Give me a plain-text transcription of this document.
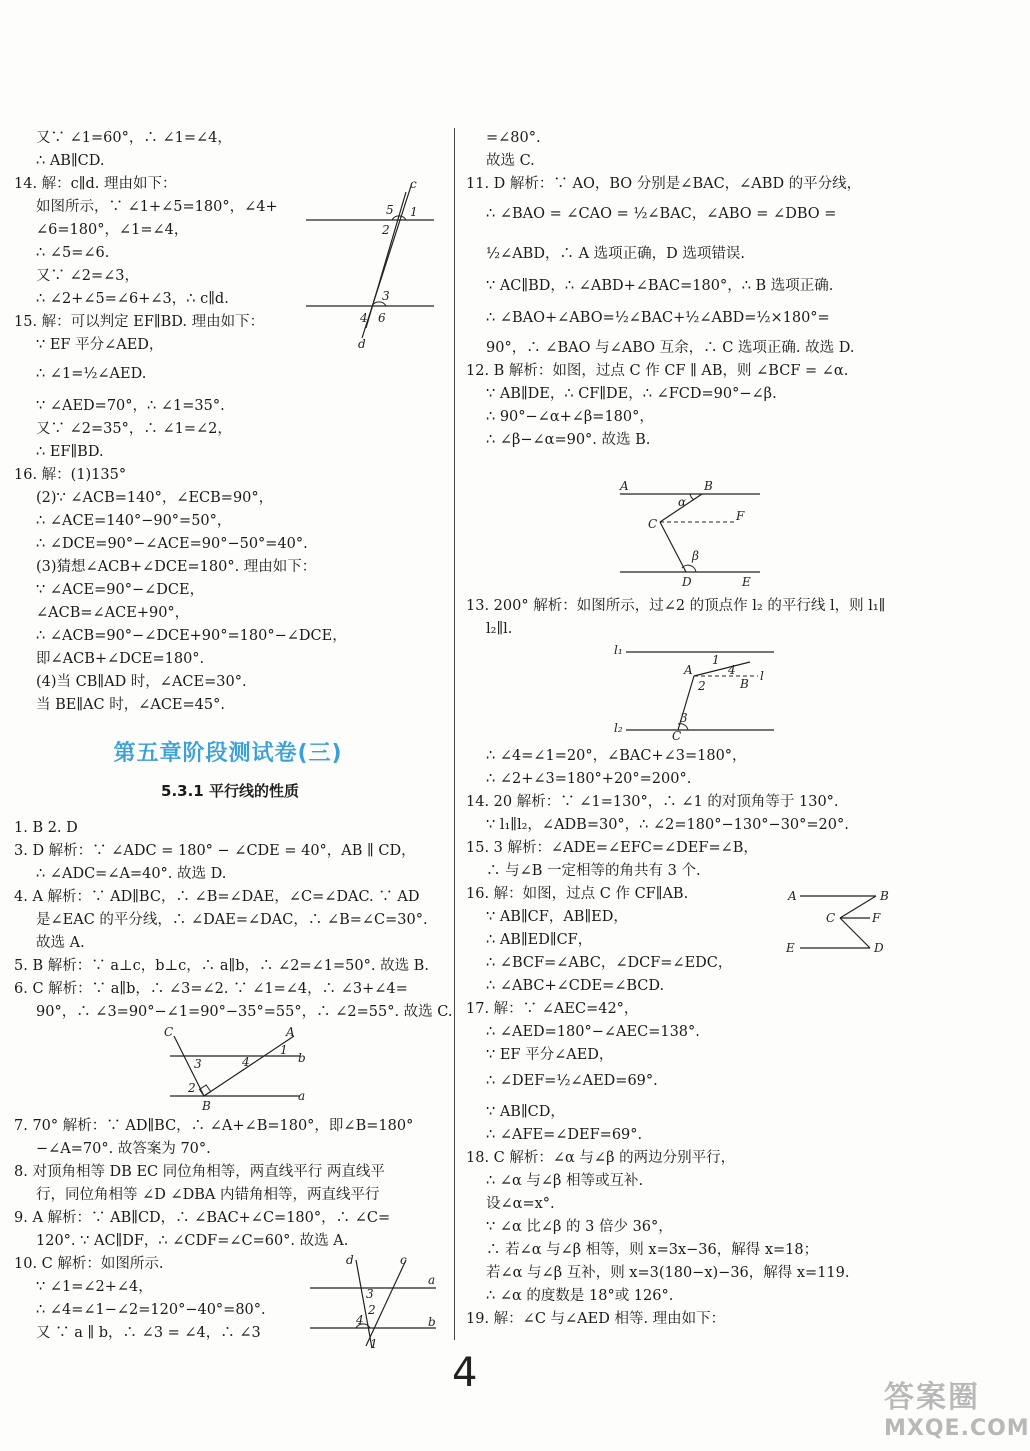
又∵ ∠1=60°，∴ ∠1=∠4，
∴ AB∥CD.
14. 解：c∥d. 理由如下：
如图所示，∵ ∠1+∠5=180°，∠4+
∠6=180°，∠1=∠4，
∴ ∠5=∠6.
又∵ ∠2=∠3，
∴ ∠2+∠5=∠6+∠3，∴ c∥d.
15. 解：可以判定 EF∥BD. 理由如下：
∵ EF 平分∠AED，
∴ ∠1=½∠AED.
∵ ∠AED=70°，∴ ∠1=35°.
又∵ ∠2=35°，∴ ∠1=∠2，
∴ EF∥BD.
16. 解：(1)135°
(2)∵ ∠ACB=140°，∠ECB=90°，
∴ ∠ACE=140°−90°=50°，
∴ ∠DCE=90°−∠ACE=90°−50°=40°.
(3)猜想∠ACB+∠DCE=180°. 理由如下：
∵ ∠ACE=90°−∠DCE，
∠ACB=∠ACE+90°，
∴ ∠ACB=90°−∠DCE+90°=180°−∠DCE，
即∠ACB+∠DCE=180°.
(4)当 CB∥AD 时，∠ACE=30°.
当 BE∥AC 时，∠ACE=45°.
第五章阶段测试卷(三)
5.3.1 平行线的性质
1. B 2. D
3. D 解析：∵ ∠ADC = 180° − ∠CDE = 40°，AB ∥ CD，
∴ ∠ADC=∠A=40°. 故选 D.
4. A 解析：∵ AD∥BC，∴ ∠B=∠DAE，∠C=∠DAC. ∵ AD
是∠EAC 的平分线，∴ ∠DAE=∠DAC，∴ ∠B=∠C=30°.
故选 A.
5. B 解析：∵ a⊥c，b⊥c，∴ a∥b，∴ ∠2=∠1=50°. 故选 B.
6. C 解析：∵ a∥b，∴ ∠3=∠2. ∵ ∠1=∠4，∴ ∠3+∠4=
90°，∴ ∠3=90°−∠1=90°−35°=55°，∴ ∠2=55°. 故选 C.
7. 70° 解析：∵ AD∥BC，∴ ∠A+∠B=180°，即∠B=180°
−∠A=70°. 故答案为 70°.
8. 对顶角相等 DB EC 同位角相等，两直线平行 两直线平
行，同位角相等 ∠D ∠DBA 内错角相等，两直线平行
9. A 解析：∵ AB∥CD，∴ ∠BAC+∠C=180°，∴ ∠C=
120°. ∵ AC∥DF，∴ ∠CDF=∠C=60°. 故选 A.
10. C 解析：如图所示.
∵ ∠1=∠2+∠4，
∴ ∠4=∠1−∠2=120°−40°=80°.
又 ∵ a ∥ b，∴ ∠3 = ∠4，∴ ∠3
c
5 1
2
3
4 6
d
C	A
3	4
1
b
2
B
a
d	c
a
3
2
4
1
b
=∠80°.
故选 C.
11. D 解析：∵ AO，BO 分别是∠BAC，∠ABD 的平分线，
∴ ∠BAO = ∠CAO = ½∠BAC，∠ABO = ∠DBO =
½∠ABD，∴ A 选项正确，D 选项错误.
∵ AC∥BD，∴ ∠ABD+∠BAC=180°，∴ B 选项正确.
∴ ∠BAO+∠ABO=½∠BAC+½∠ABD=½×180°=
90°，∴ ∠BAO 与∠ABO 互余，∴ C 选项正确. 故选 D.
12. B 解析：如图，过点 C 作 CF ∥ AB，则 ∠BCF = ∠α.
∵ AB∥DE，∴ CF∥DE，∴ ∠FCD=90°−∠β.
∴ 90°−∠α+∠β=180°，
∴ ∠β−∠α=90°. 故选 B.
13. 200° 解析：如图所示，过∠2 的顶点作 l₂ 的平行线 l，则 l₁∥
l₂∥l.
∴ ∠4=∠1=20°，∠BAC+∠3=180°，
∴ ∠2+∠3=180°+20°=200°.
14. 20 解析：∵ ∠1=130°，∴ ∠1 的对顶角等于 130°.
∵ l₁∥l₂，∠ADB=30°，∴ ∠2=180°−130°−30°=20°.
15. 3 解析：∠ADE=∠EFC=∠DEF=∠B，
∴ 与∠B 一定相等的角共有 3 个.
16. 解：如图，过点 C 作 CF∥AB.
∵ AB∥CF，AB∥ED，
∴ AB∥ED∥CF，
∴ ∠BCF=∠ABC，∠DCF=∠EDC，
∴ ∠ABC+∠CDE=∠BCD.
17. 解：∵ ∠AEC=42°，
∴ ∠AED=180°−∠AEC=138°.
∵ EF 平分∠AED，
∴ ∠DEF=½∠AED=69°.
∵ AB∥CD，
∴ ∠AFE=∠DEF=69°.
18. C 解析：∠α 与∠β 的两边分别平行，
∴ ∠α 与∠β 相等或互补.
设∠α=x°.
∵ ∠α 比∠β 的 3 倍少 36°，
∴ 若∠α 与∠β 相等，则 x=3x−36，解得 x=18；
若∠α 与∠β 互补，则 x=3(180−x)−36，解得 x=119.
∴ ∠α 的度数是 18°或 126°.
19. 解：∠C 与∠AED 相等. 理由如下：
A	B
α
C
F
β
D	E
l₁
A
1
4 l
2	B
l₂
3
C
A	B
C	F
E	D
4
答案圈
MXQE.COM
